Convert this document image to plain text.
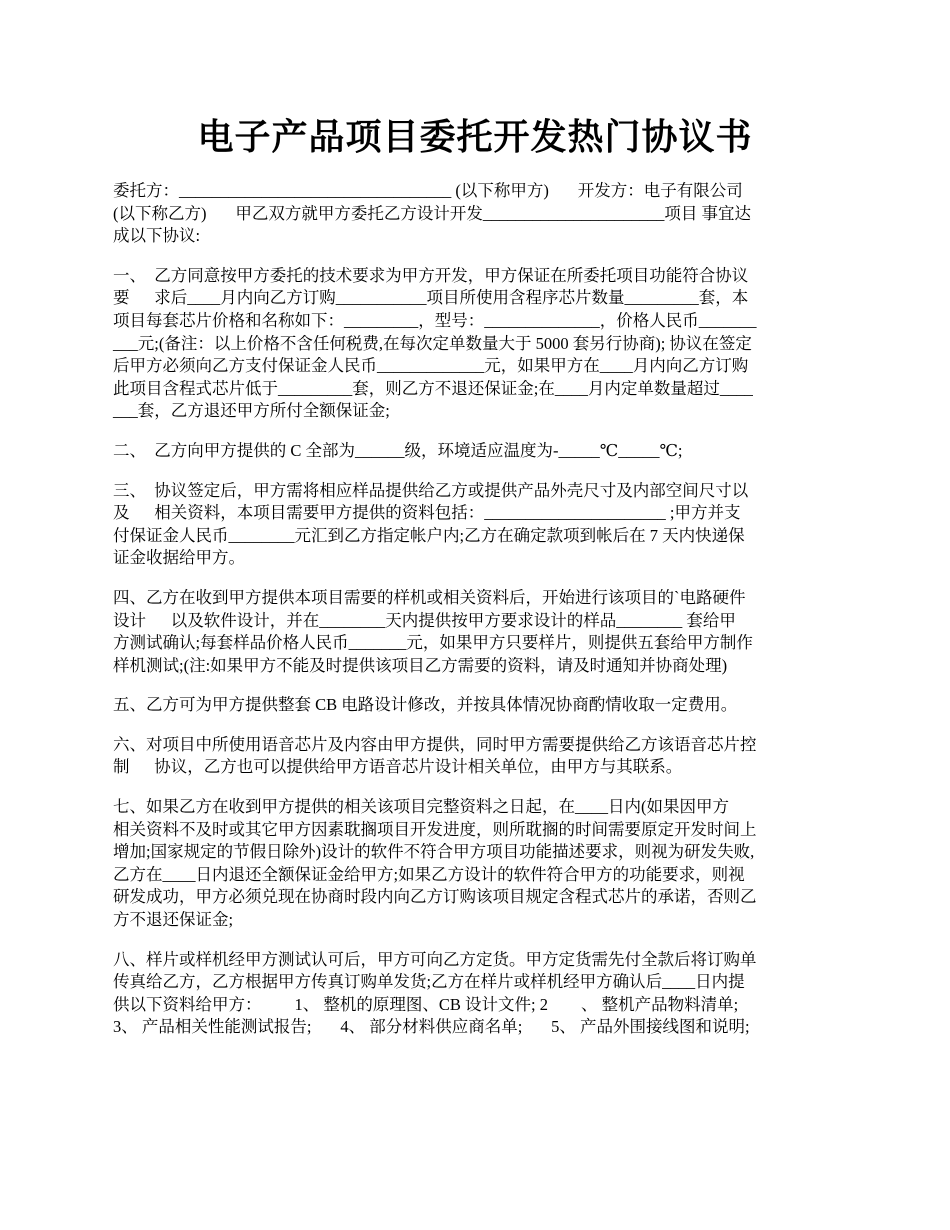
电子产品项目委托开发热门协议书

委托方：_________________________________ (以下称甲方)       开发方：电子有限公司
(以下称乙方)       甲乙双方就甲方委托乙方设计开发______________________项目 事宜达
成以下协议:

一、  乙方同意按甲方委托的技术要求为甲方开发，甲方保证在所委托项目功能符合协议
要      求后____月内向乙方订购___________项目所使用含程序芯片数量_________套，本
项目每套芯片价格和名称如下：_________，型号：______________，价格人民币_______
___元;(备注：以上价格不含任何税费,在每次定单数量大于 5000 套另行协商); 协议在签定
后甲方必须向乙方支付保证金人民币_____________元，如果甲方在____月内向乙方订购
此项目含程式芯片低于_________套，则乙方不退还保证金;在____月内定单数量超过____
___套，乙方退还甲方所付全额保证金;

二、  乙方向甲方提供的 C 全部为______级，环境适应温度为-_____℃_____℃;

三、  协议签定后，甲方需将相应样品提供给乙方或提供产品外壳尺寸及内部空间尺寸以
及      相关资料，本项目需要甲方提供的资料包括：______________________ ;甲方并支
付保证金人民币________元汇到乙方指定帐户内;乙方在确定款项到帐后在 7 天内快递保
证金收据给甲方。

四、乙方在收到甲方提供本项目需要的样机或相关资料后，开始进行该项目的`电路硬件
设计      以及软件设计，并在________天内提供按甲方要求设计的样品________ 套给甲
方测试确认;每套样品价格人民币_______元，如果甲方只要样片，则提供五套给甲方制作
样机测试;(注:如果甲方不能及时提供该项目乙方需要的资料，请及时通知并协商处理)

五、乙方可为甲方提供整套 CB 电路设计修改，并按具体情况协商酌情收取一定费用。

六、对项目中所使用语音芯片及内容由甲方提供，同时甲方需要提供给乙方该语音芯片控
制      协议，乙方也可以提供给甲方语音芯片设计相关单位，由甲方与其联系。

七、如果乙方在收到甲方提供的相关该项目完整资料之日起，在____日内(如果因甲方
相关资料不及时或其它甲方因素耽搁项目开发进度，则所耽搁的时间需要原定开发时间上
增加;国家规定的节假日除外)设计的软件不符合甲方项目功能描述要求，则视为研发失败,
乙方在____日内退还全额保证金给甲方;如果乙方设计的软件符合甲方的功能要求，则视
研发成功，甲方必须兑现在协商时段内向乙方订购该项目规定含程式芯片的承诺，否则乙
方不退还保证金;

八、样片或样机经甲方测试认可后，甲方可向乙方定货。甲方定货需先付全款后将订购单
传真给乙方，乙方根据甲方传真订购单发货;乙方在样片或样机经甲方确认后____日内提
供以下资料给甲方：        1、 整机的原理图、CB 设计文件; 2        、 整机产品物料清单;
3、 产品相关性能测试报告;       4、 部分材料供应商名单;       5、 产品外围接线图和说明;
